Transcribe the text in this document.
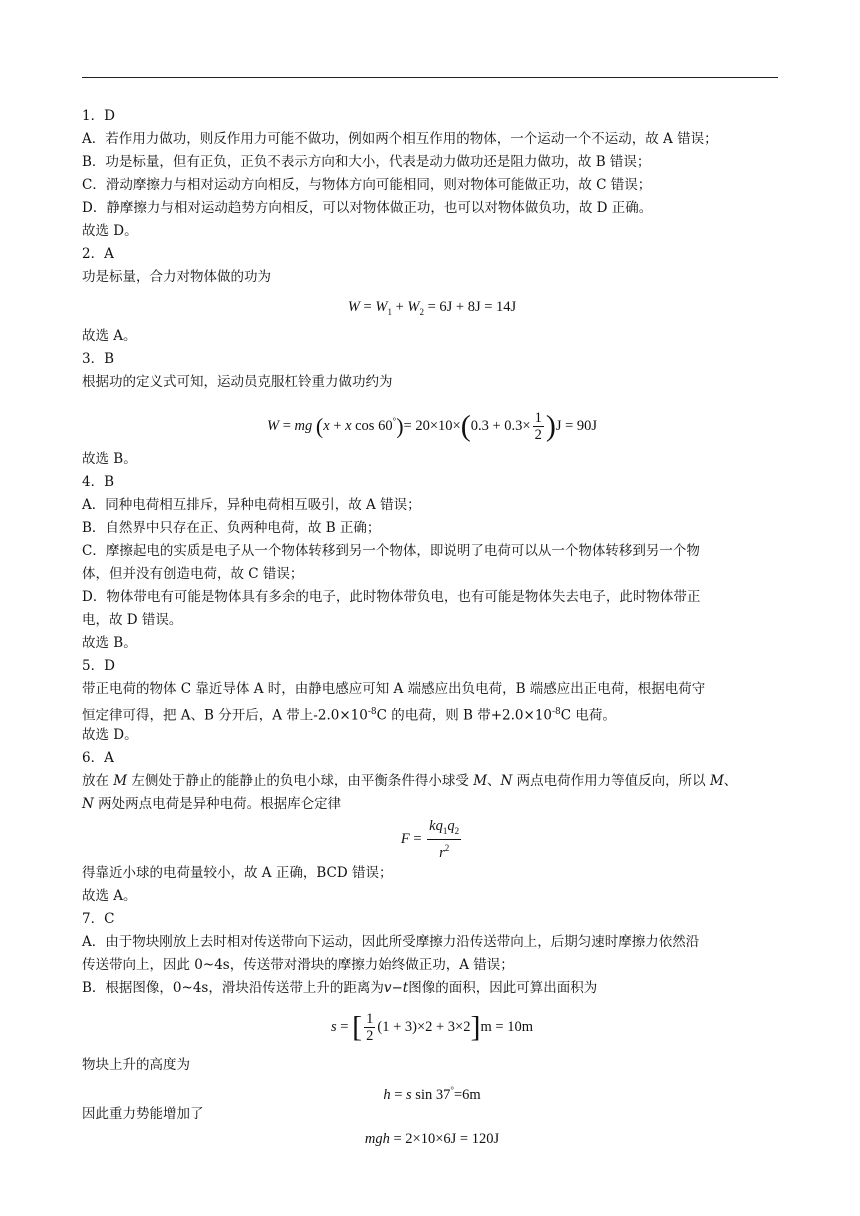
1．D
A．若作用力做功，则反作用力可能不做功，例如两个相互作用的物体，一个运动一个不运动，故 A 错误；
B．功是标量，但有正负，正负不表示方向和大小，代表是动力做功还是阻力做功，故 B 错误；
C．滑动摩擦力与相对运动方向相反，与物体方向可能相同，则对物体可能做正功，故 C 错误；
D．静摩擦力与相对运动趋势方向相反，可以对物体做正功，也可以对物体做负功，故 D 正确。
故选 D。
2．A
功是标量，合力对物体做的功为
$W = W_1 + W_2 = 6J + 8J = 14J$
故选 A。
3．B
根据功的定义式可知，运动员克服杠铃重力做功约为
W = mg (x + x $\cos 60^\circ)= 20\times 10\times(0.3 + 0.3\times \frac{1}{2} )J = 90J$
故选 B。
4．B
A．同种电荷相互排斥，异种电荷相互吸引，故 A 错误；
B．自然界中只存在正、负两种电荷，故 B 正确；
C．摩擦起电的实质是电子从一个物体转移到另一个物体，即说明了电荷可以从一个物体转移到另一个物
体，但并没有创造电荷，故 C 错误；
D．物体带电有可能是物体具有多余的电子，此时物体带负电，也有可能是物体失去电子，此时物体带正
电，故 D 错误。
故选 B。
5．D
带正电荷的物体 C 靠近导体 A 时，由静电感应可知 A 端感应出负电荷，B 端感应出正电荷，根据电荷守
恒定律可得，把 A、B 分开后，A 带上$-2.0\times 10^{-8}C$ 的电荷，则 B 带$+2.0\times 10^{-8}C$ 电荷。
故选 D。
6．A
放在 M 左侧处于静止的能静止的负电小球，由平衡条件得小球受 M、N 两点电荷作用力等值反向，所以 M、
N 两处两点电荷是异种电荷。根据库仑定律
$F = \frac{kq_1q_2}{r^2}$
得靠近小球的电荷量较小，故 A 正确，BCD 错误；
故选 A。
7．C
A．由于物块刚放上去时相对传送带向下运动，因此所受摩擦力沿传送带向上，后期匀速时摩擦力依然沿
传送带向上，因此 0~4s，传送带对滑块的摩擦力始终做正功，A 错误；
B．根据图像，0~4s，滑块沿传送带上升的距离为v−t图像的面积，因此可算出面积为
s = [ $\frac{1}{2} (1 + 3)\times 2 + 3\times 2]m = 10m$
物块上升的高度为
h = s sin 37°=6m
因此重力势能增加了
mgh = 2×10×6J = 120J
